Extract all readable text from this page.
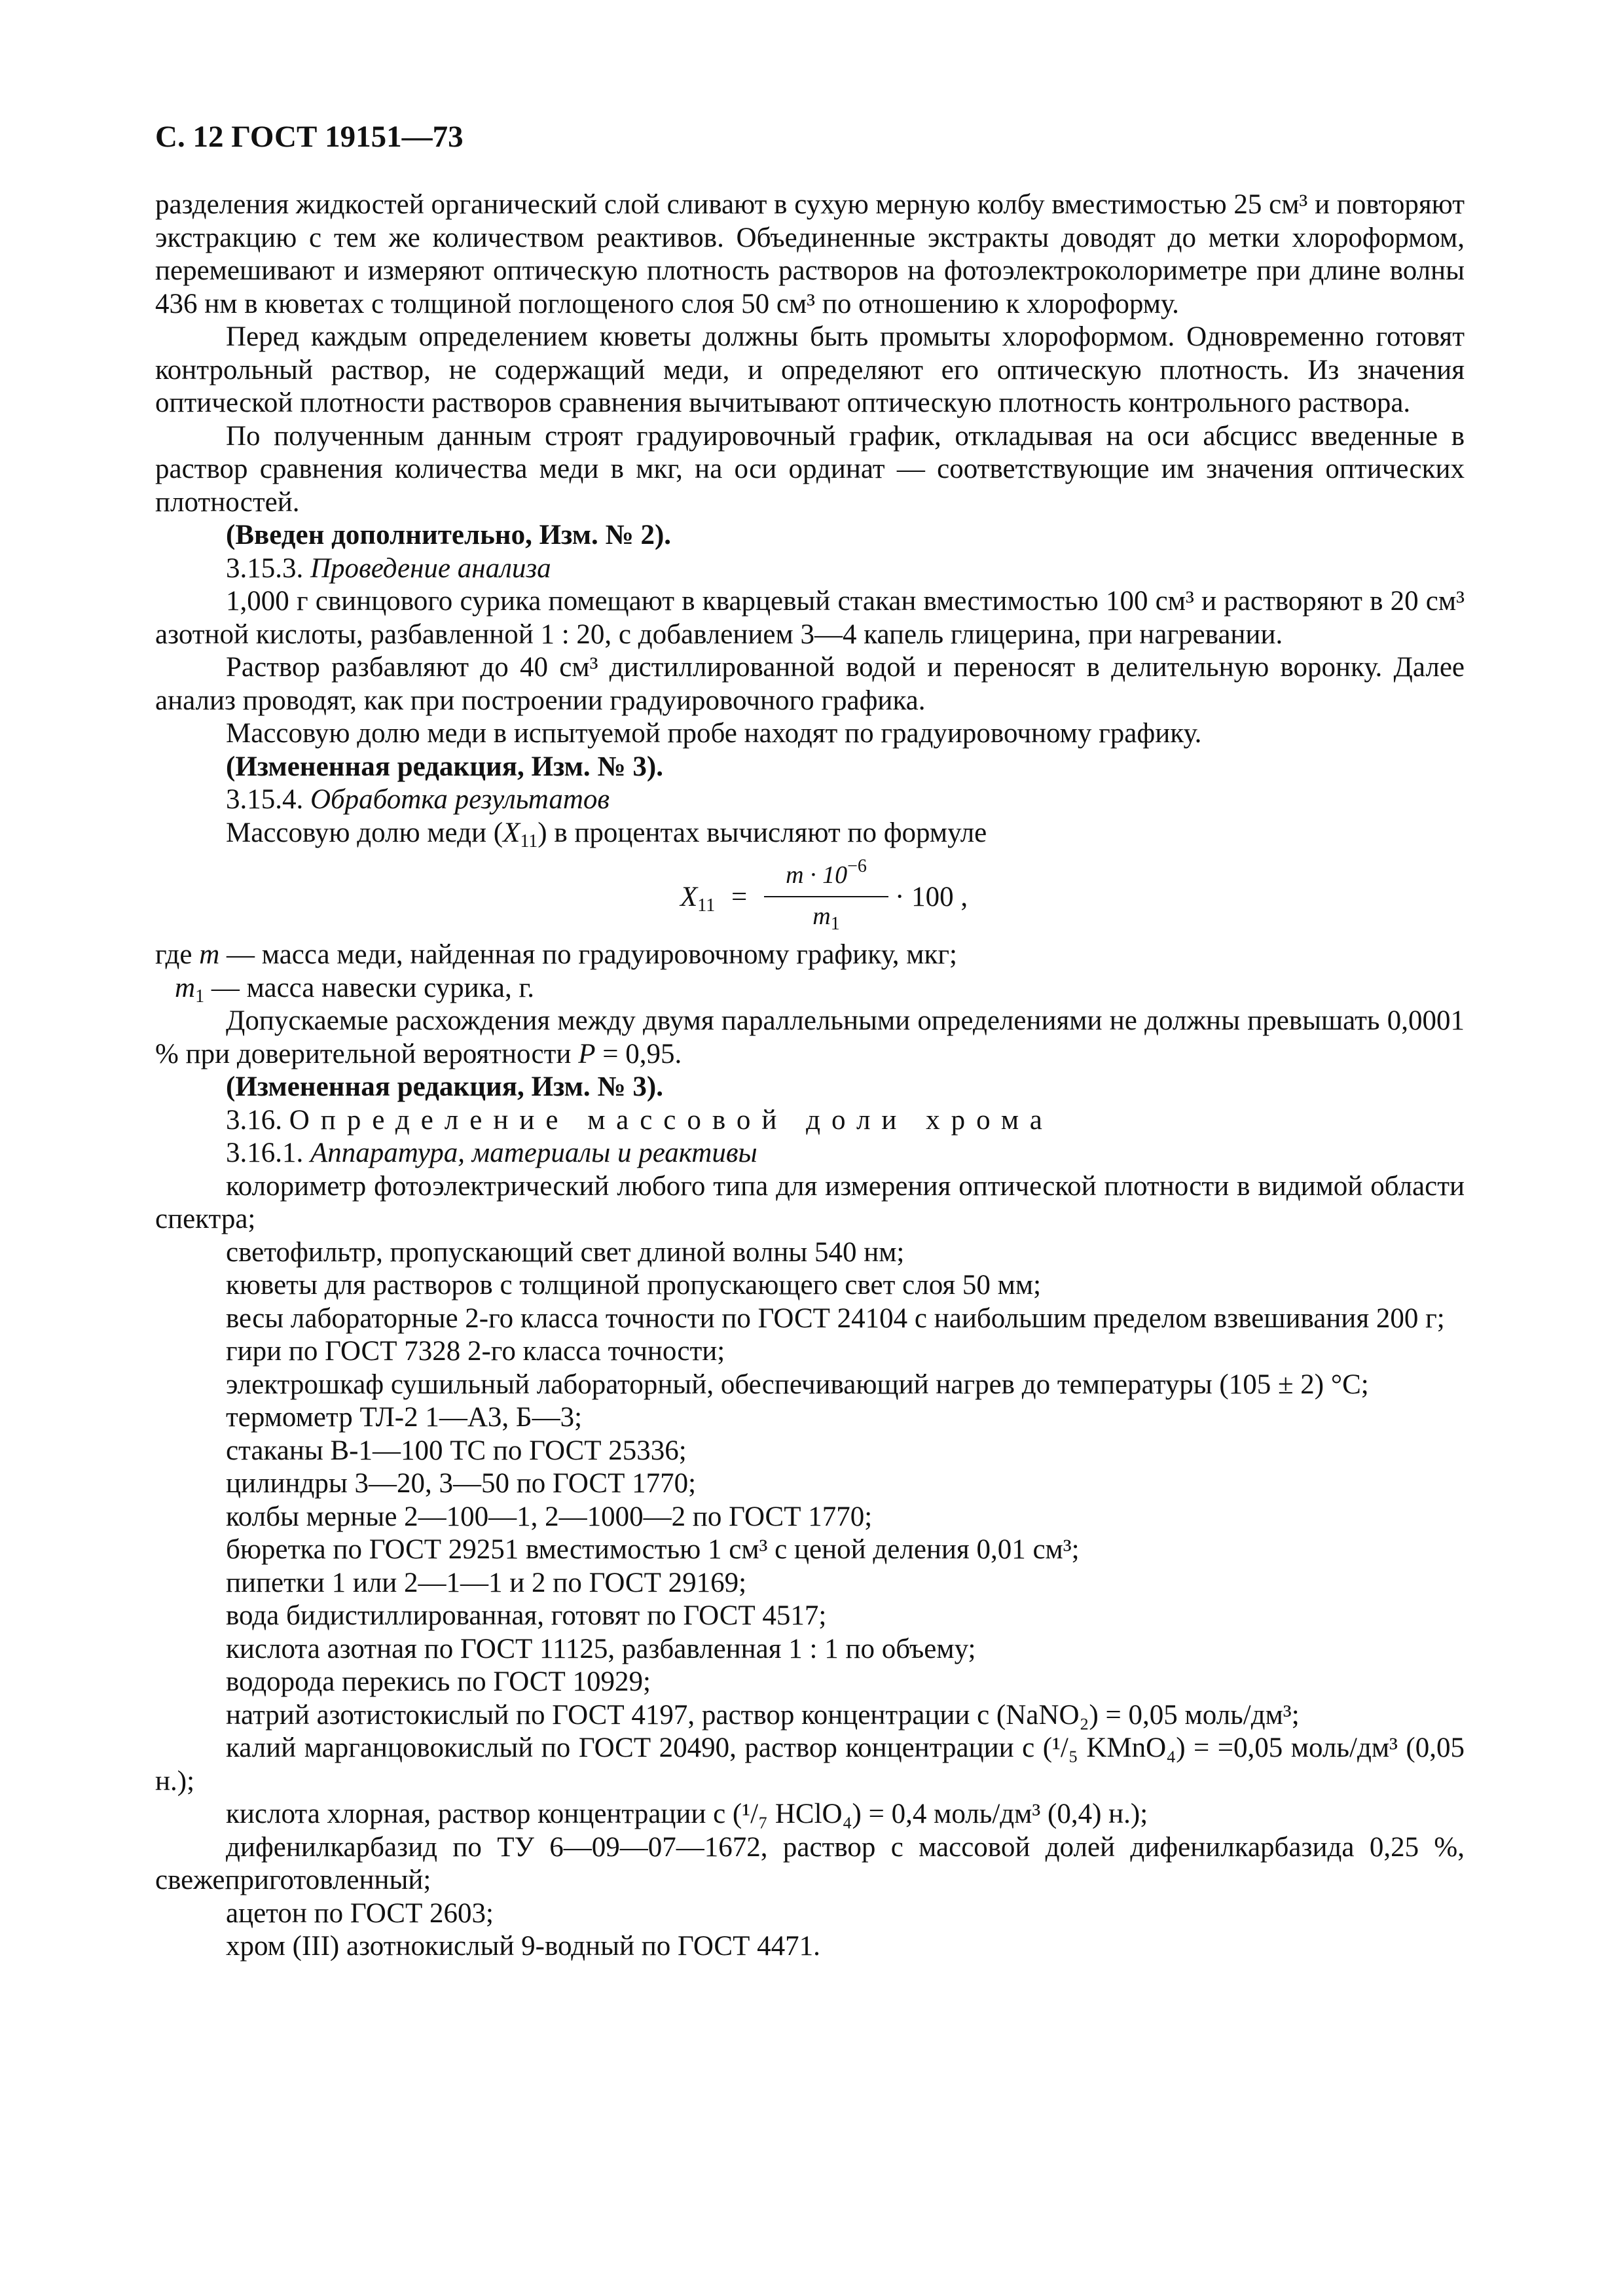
С. 12 ГОСТ 19151—73

разделения жидкостей органический слой сливают в сухую мерную колбу вместимостью 25 см³ и повторяют экстракцию с тем же количеством реактивов. Объединенные экстракты доводят до метки хлороформом, перемешивают и измеряют оптическую плотность растворов на фотоэлектроколориметре при длине волны 436 нм в кюветах с толщиной поглощеного слоя 50 см³ по отношению к хлороформу.

Перед каждым определением кюветы должны быть промыты хлороформом. Одновременно готовят контрольный раствор, не содержащий меди, и определяют его оптическую плотность. Из значения оптической плотности растворов сравнения вычитывают оптическую плотность контрольного раствора.

По полученным данным строят градуировочный график, откладывая на оси абсцисс введенные в раствор сравнения количества меди в мкг, на оси ординат — соответствующие им значения оптических плотностей.

(Введен дополнительно, Изм. № 2).

3.15.3. Проведение анализа

1,000 г свинцового сурика помещают в кварцевый стакан вместимостью 100 см³ и растворяют в 20 см³ азотной кислоты, разбавленной 1 : 20, с добавлением 3—4 капель глицерина, при нагревании.

Раствор разбавляют до 40 см³ дистиллированной водой и переносят в делительную воронку. Далее анализ проводят, как при построении градуировочного графика.

Массовую долю меди в испытуемой пробе находят по градуировочному графику.

(Измененная редакция, Изм. № 3).

3.15.4. Обработка результатов

Массовую долю меди $(X_{11})$ в процентах вычисляют по формуле

$X11 = \frac{m \cdot 10^{-6}}{m_1} \cdot 100$ ,

где m — масса меди, найденная по градуировочному графику, мкг;

$m_1$ — масса навески сурика, г.

Допускаемые расхождения между двумя параллельными определениями не должны превышать 0,0001 % при доверительной вероятности P = 0,95.

(Измененная редакция, Изм. № 3).

3.16. Определение массовой доли хрома

3.16.1. Аппаратура, материалы и реактивы

колориметр фотоэлектрический любого типа для измерения оптической плотности в видимой области спектра;

светофильтр, пропускающий свет длиной волны 540 нм;

кюветы для растворов с толщиной пропускающего свет слоя 50 мм;

весы лабораторные 2-го класса точности по ГОСТ 24104 с наибольшим пределом взвешивания 200 г;

гири по ГОСТ 7328 2-го класса точности;

электрошкаф сушильный лабораторный, обеспечивающий нагрев до температуры (105 ± 2) °С;

термометр ТЛ-2 1—А3, Б—3;

стаканы В-1—100 ТС по ГОСТ 25336;

цилиндры 3—20, 3—50 по ГОСТ 1770;

колбы мерные 2—100—1, 2—1000—2 по ГОСТ 1770;

бюретка по ГОСТ 29251 вместимостью 1 см³ с ценой деления 0,01 см³;

пипетки 1 или 2—1—1 и 2 по ГОСТ 29169;

вода бидистиллированная, готовят по ГОСТ 4517;

кислота азотная по ГОСТ 11125, разбавленная 1 : 1 по объему;

водорода перекись по ГОСТ 10929;

натрий азотистокислый по ГОСТ 4197, раствор концентрации c (NaNO₂) = 0,05 моль/дм³;

калий марганцовокислый по ГОСТ 20490, раствор концентрации c (¹/₅ KMnO₄) = =0,05 моль/дм³ (0,05 н.);

кислота хлорная, раствор концентрации c (¹/₇ HClO₄) = 0,4 моль/дм³ (0,4) н.);

дифенилкарбазид по ТУ 6—09—07—1672, раствор с массовой долей дифенилкарбазида 0,25 %, свежеприготовленный;

ацетон по ГОСТ 2603;

хром (III) азотнокислый 9-водный по ГОСТ 4471.
